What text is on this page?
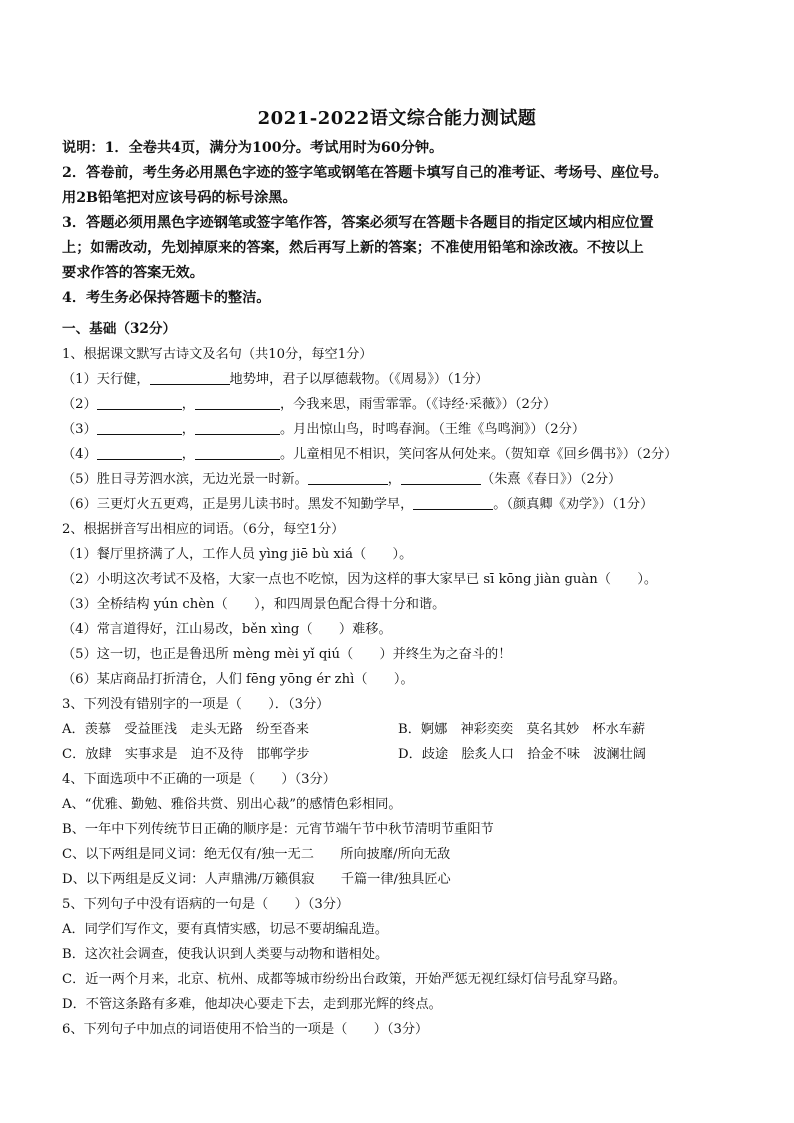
2021-2022语文综合能力测试题

说明：1．全卷共4页，满分为100分。考试用时为60分钟。

2．答卷前，考生务必用黑色字迹的签字笔或钢笔在答题卡填写自己的准考证、考场号、座位号。

用2B铅笔把对应该号码的标号涂黑。

3．答题必须用黑色字迹钢笔或签字笔作答，答案必须写在答题卡各题目的指定区域内相应位置

上；如需改动，先划掉原来的答案，然后再写上新的答案；不准使用铅笔和涂改液。不按以上

要求作答的答案无效。

4．考生务必保持答题卡的整洁。

一、基础（32分）

1、根据课文默写古诗文及名句（共10分，每空1分）

（1）天行健，	地势坤，君子以厚德载物。（《周易》）（1分）

（2）	，	，今我来思，雨雪霏霏。（《诗经·采薇》）（2分）

（3）	，	。月出惊山鸟，时鸣春涧。（王维《鸟鸣涧》）（2分）

（4）	，	。儿童相见不相识，笑问客从何处来。（贺知章《回乡偶书》）（2分）

（5）胜日寻芳泗水滨，无边光景一时新。	，	（朱熹《春日》）（2分）

（6）三更灯火五更鸡，正是男儿读书时。黑发不知勤学早，	。（颜真卿《劝学》）（1分）

2、根据拼音写出相应的词语。（6分，每空1分）

（1）餐厅里挤满了人，工作人员 yìng jiē bù xiá（　　）。

（2）小明这次考试不及格，大家一点也不吃惊，因为这样的事大家早已 sī kōng jiàn guàn（　　）。

（3）全桥结构 yún chèn（　　），和四周景色配合得十分和谐。

（4）常言道得好，江山易改，běn xìng（　　）难移。

（5）这一切，也正是鲁迅所 mèng mèi yǐ qiú（　　）并终生为之奋斗的！

（6）某店商品打折清仓，人们 fēng yōng ér zhì（　　）。

3、下列没有错别字的一项是（　　）．（3分）

A．羡慕　受益匪浅　走头无路　纷至沓来	B．婀娜　神彩奕奕　莫名其妙　杯水车薪

C．放肆　实事求是　迫不及待　邯郸学步	D．歧途　脍炙人口　拾金不味　波澜壮阔

4、下面选项中不正确的一项是（　　）（3分）

A、“优雅、勤勉、雅俗共赏、别出心裁”的感情色彩相同。

B、一年中下列传统节日正确的顺序是：元宵节端午节中秋节清明节重阳节

C、以下两组是同义词：绝无仅有/独一无二　　所向披靡/所向无敌

D、以下两组是反义词：人声鼎沸/万籁俱寂　　千篇一律/独具匠心

5、下列句子中没有语病的一句是（　　）（3分）

A．同学们写作文，要有真情实感，切忌不要胡编乱造。

B．这次社会调查，使我认识到人类要与动物和谐相处。

C．近一两个月来，北京、杭州、成都等城市纷纷出台政策，开始严惩无视红绿灯信号乱穿马路。

D．不管这条路有多难，他却决心要走下去，走到那光辉的终点。

6、下列句子中加点的词语使用不恰当的一项是（　　）（3分）
